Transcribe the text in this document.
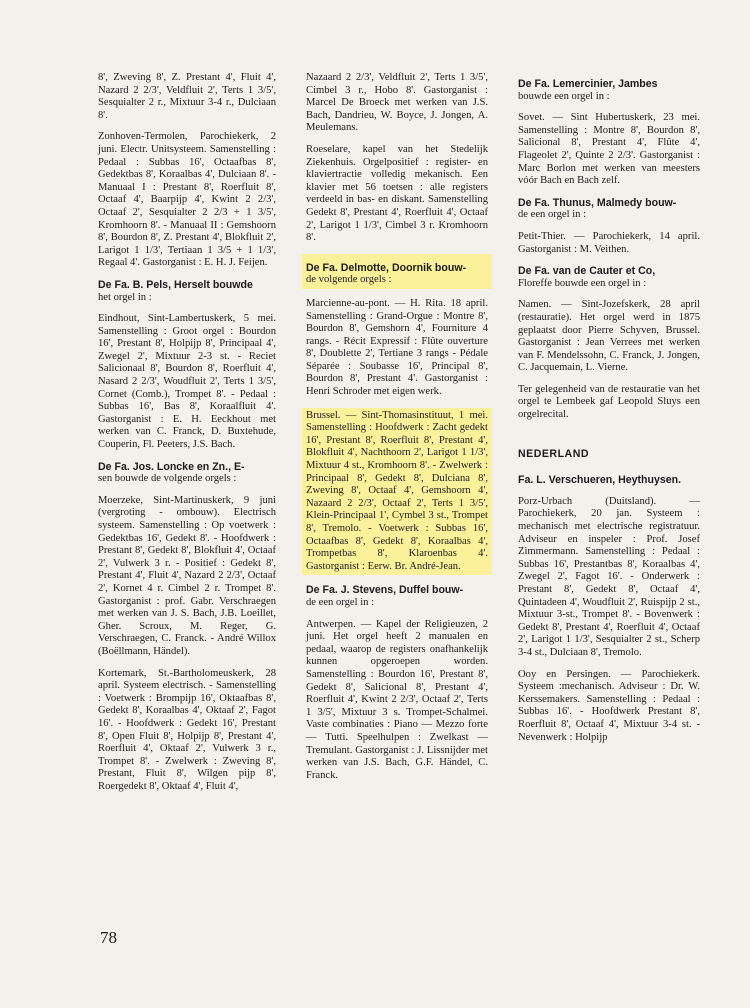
8', Zweving 8', Z. Prestant 4', Fluit 4', Nazard 2 2/3', Veldfluit 2', Terts 1 3/5', Sesquialter 2 r., Mixtuur 3-4 r., Dulciaan 8'.
Zonhoven-Termolen, Parochiekerk, 2 juni. Electr. Unitsysteem. Samenstelling : Pedaal : Subbas 16', Octaafbas 8', Gedektbas 8', Koraalbas 4', Dulciaan 8'. - Manuaal I : Prestant 8', Roerfluit 8', Octaaf 4', Baarpijp 4', Kwint 2 2/3', Octaaf 2', Sesquialter 2 2/3 + 1 3/5', Kromhoorn 8'. - Manuaal II : Gemshoorn 8', Bourdon 8', Z. Prestant 4', Blokfluit 2', Larigot 1 1/3', Tertiaan 1 3/5 + 1 1/3', Regaal 4'. Gastorganist : E. H. J. Feijen.
De Fa. B. Pels, Herselt bouwde
het orgel in :
Eindhout, Sint-Lambertuskerk, 5 mei. Samenstelling : Groot orgel : Bourdon 16', Prestant 8', Holpijp 8', Principaal 4', Zwegel 2', Mixtuur 2-3 st. - Reciet Salicionaal 8', Bourdon 8', Roerfluit 4', Nasard 2 2/3', Woudfluit 2', Terts 1 3/5', Cornet (Comb.), Trompet 8'. - Pedaal : Subbas 16', Bas 8', Koraalfluit 4'. Gastorganist : E. H. Eeckhout met werken van C. Franck, D. Buxtehude, Couperin, Fl. Peeters, J.S. Bach.
De Fa. Jos. Loncke en Zn., E-
sen bouwde de volgende orgels :
Moerzeke, Sint-Martinuskerk, 9 juni (vergroting - ombouw). Electrisch systeem. Samenstelling : Op voetwerk : Gedektbas 16', Gedekt 8'. - Hoofdwerk : Prestant 8', Gedekt 8', Blokfluit 4', Octaaf 2', Vulwerk 3 r. - Positief : Gedekt 8', Prestant 4', Fluit 4', Nazard 2 2/3', Octaaf 2', Kornet 4 r. Cimbel 2 r. Trompet 8'. Gastorganist : prof. Gabr. Verschraegen met werken van J. S. Bach, J.B. Loeillet, Gher. Scroux, M. Reger, G. Verschraegen, C. Franck. - André Willox (Boëllmann, Händel).
Kortemark, St.-Bartholomeuskerk, 28 april. Systeem electrisch. - Samenstelling : Voetwerk : Brompijp 16', Oktaafbas 8', Gedekt 8', Koraalbas 4', Oktaaf 2', Fagot 16'. - Hoofdwerk : Gedekt 16', Prestant 8', Open Fluit 8', Holpijp 8', Prestant 4', Roerfluit 4', Oktaaf 2', Vulwerk 3 r., Trompet 8'. - Zwelwerk : Zweving 8', Prestant, Fluit 8', Wilgen pijp 8', Roergedekt 8', Oktaaf 4', Fluit 4',
Nazaard 2 2/3', Veldfluit 2', Terts 1 3/5', Cimbel 3 r., Hobo 8'. Gastorganist : Marcel De Broeck met werken van J.S. Bach, Dandrieu, W. Boyce, J. Jongen, A. Meulemans.
Roeselare, kapel van het Stedelijk Ziekenhuis. Orgelpositief : register- en klaviertractie volledig mekanisch. Een klavier met 56 toetsen : alle registers verdeeld in bas- en diskant. Samenstelling Gedekt 8', Prestant 4', Roerfluit 4', Octaaf 2', Larigot 1 1/3', Cimbel 3 r. Kromhoorn 8'.
De Fa. Delmotte, Doornik bouw-
de volgende orgels :
Marcienne-au-pont. — H. Rita. 18 april. Samenstelling : Grand-Orgue : Montre 8', Bourdon 8', Gemshorn 4', Fourniture 4 rangs. - Récit Expressif : Flûte ouverture 8', Doublette 2', Tertiane 3 rangs - Pédale Séparée : Soubasse 16', Principal 8', Bourdon 8', Prestant 4'. Gastorganist : Henri Schroder met eigen werk.
Brussel. — Sint-Thomasinstituut, 1 mei. Samenstelling : Hoofdwerk : Zacht gedekt 16', Prestant 8', Roerfluit 8', Prestant 4', Blokfluit 4', Nachthoorn 2', Larigot 1 1/3', Mixtuur 4 st., Kromhoorn 8'. - Zwelwerk : Principaal 8', Gedekt 8', Dulciana 8', Zweving 8', Octaaf 4', Gemshoorn 4', Nazaard 2 2/3', Octaaf 2', Terts 1 3/5', Klein-Principaal 1', Cymbel 3 st., Trompet 8', Tremolo. - Voetwerk : Subbas 16', Octaafbas 8', Gedekt 8', Koraalbas 4', Trompetbas 8', Klaroenbas 4'. Gastorganist : Eerw. Br. André-Jean.
De Fa. J. Stevens, Duffel bouw-
de een orgel in :
Antwerpen. — Kapel der Religieuzen, 2 juni. Het orgel heeft 2 manualen en pedaal, waarop de registers onafhankelijk kunnen opgeroepen worden. Samenstelling : Bourdon 16', Prestant 8', Gedekt 8', Salicional 8', Prestant 4', Roerfluit 4', Kwint 2 2/3', Octaaf 2', Terts 1 3/5', Mixtuur 3 s. Trompet-Schalmei. Vaste combinaties : Piano — Mezzo forte — Tutti. Speelhulpen : Zwelkast — Tremulant. Gastorganist : J. Lissnijder met werken van J.S. Bach, G.F. Händel, C. Franck.
De Fa. Lemercinier, Jambes
bouwde een orgel in :
Sovet. — Sint Hubertuskerk, 23 mei. Samenstelling : Montre 8', Bourdon 8', Salicional 8', Prestant 4', Flûte 4', Flageolet 2', Quinte 2 2/3'. Gastorganist : Marc Borlon met werken van meesters vóór Bach en Bach zelf.
De Fa. Thunus, Malmedy bouw-
de een orgel in :
Petit-Thier. — Parochiekerk, 14 april. Gastorganist : M. Veithen.
De Fa. van de Cauter et Co,
Floreffe bouwde een orgel in :
Namen. — Sint-Jozefskerk, 28 april (restauratie). Het orgel werd in 1875 geplaatst door Pierre Schyven, Brussel. Gastorganist : Jean Verrees met werken van F. Mendelssohn, C. Franck, J. Jongen, C. Jacquemain, L. Vierne.
Ter gelegenheid van de restauratie van het orgel te Lembeek gaf Leopold Sluys een orgelrecital.
NEDERLAND
Fa. L. Verschueren, Heythuysen.
Porz-Urbach (Duitsland). — Parochiekerk, 20 jan. Systeem : mechanisch met electrische registratuur. Adviseur en inspeler : Prof. Josef Zimmermann. Samenstelling : Pedaal : Subbas 16', Prestantbas 8', Koraalbas 4', Zwegel 2', Fagot 16'. - Onderwerk : Prestant 8', Gedekt 8', Octaaf 4', Quintadeen 4', Woudfluit 2', Ruispijp 2 st., Mixtuur 3-st., Trompet 8'. - Bovenwerk : Gedekt 8', Prestant 4', Roerfluit 4', Octaaf 2', Larigot 1 1/3', Sesquialter 2 st., Scherp 3-4 st., Dulciaan 8', Tremolo.
Ooy en Persingen. — Parochiekerk. Systeem :mechanisch. Adviseur : Dr. W. Kerssemakers. Samenstelling : Pedaal : Subbas 16'. - Hoofdwerk Prestant 8', Roerfluit 8', Octaaf 4', Mixtuur 3-4 st. - Nevenwerk : Holpijp
78
